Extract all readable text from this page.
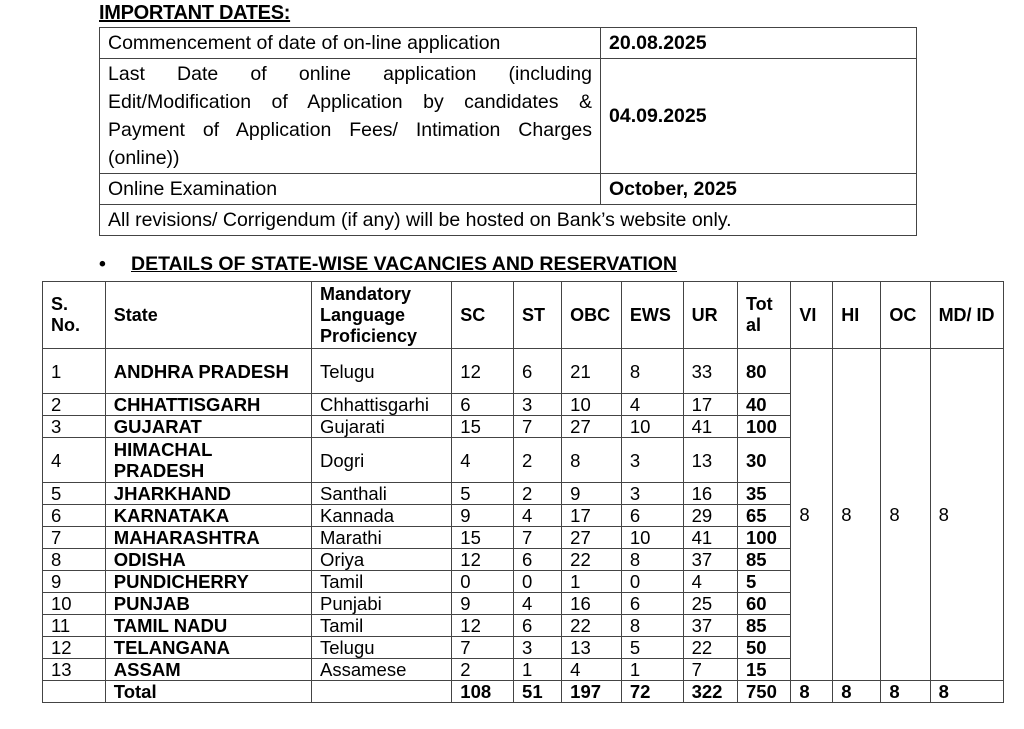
IMPORTANT DATES:
Commencement of date of on-line application	20.08.2025
Last Date of online application (including Edit/Modification of Application by candidates & Payment of Application Fees/ Intimation Charges (online))	04.09.2025
Online Examination	October, 2025
All revisions/ Corrigendum (if any) will be hosted on Bank’s website only.	
• DETAILS OF STATE-WISE VACANCIES AND RESERVATION
S. No.	State	Mandatory Language Proficiency	SC	ST	OBC	EWS	UR	Tot al	VI	HI	OC	MD/ ID
1	ANDHRA PRADESH	Telugu	12	6	21	8	33	80	8	8	8	8
2	CHHATTISGARH	Chhattisgarhi	6	3	10	4	17	40				
3	GUJARAT	Gujarati	15	7	27	10	41	100				
4	HIMACHAL PRADESH	Dogri	4	2	8	3	13	30				
5	JHARKHAND	Santhali	5	2	9	3	16	35				
6	KARNATAKA	Kannada	9	4	17	6	29	65				
7	MAHARASHTRA	Marathi	15	7	27	10	41	100				
8	ODISHA	Oriya	12	6	22	8	37	85				
9	PUNDICHERRY	Tamil	0	0	1	0	4	5				
10	PUNJAB	Punjabi	9	4	16	6	25	60				
11	TAMIL NADU	Tamil	12	6	22	8	37	85				
12	TELANGANA	Telugu	7	3	13	5	22	50				
13	ASSAM	Assamese	2	1	4	1	7	15				
	Total		108	51	197	72	322	750	8	8	8	8
